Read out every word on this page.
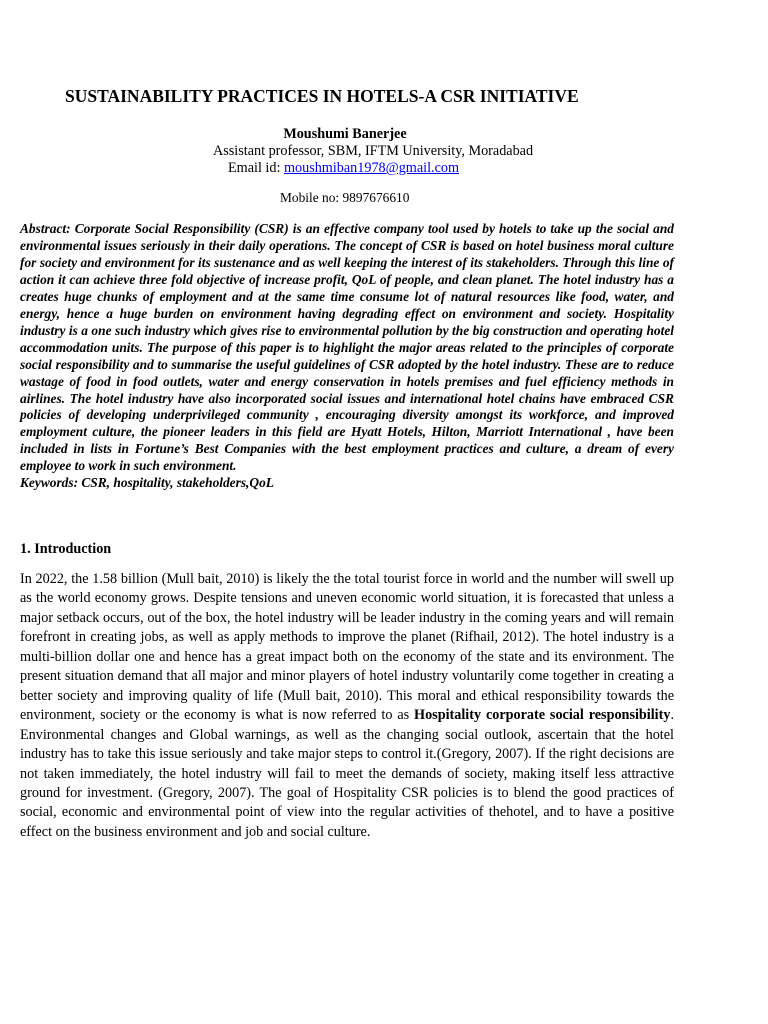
SUSTAINABILITY PRACTICES IN HOTELS-A CSR INITIATIVE
Moushumi Banerjee
Assistant professor, SBM, IFTM University, Moradabad
Email id: moushmiban1978@gmail.com
Mobile no: 9897676610

Abstract: Corporate Social Responsibility (CSR) is an effective company tool used by hotels to take up the social and environmental issues seriously in their daily operations. The concept of CSR is based on hotel business moral culture for society and environment for its sustenance and as well keeping the interest of its stakeholders. Through this line of action it can achieve three fold objective of increase profit, QoL of people, and clean planet. The hotel industry has a creates huge chunks of employment and at the same time consume lot of natural resources like food, water, and energy, hence a huge burden on environment having degrading effect on environment and society. Hospitality industry is a one such industry which gives rise to environmental pollution by the big construction and operating hotel accommodation units. The purpose of this paper is to highlight the major areas related to the principles of corporate social responsibility and to summarise the useful guidelines of CSR adopted by the hotel industry. These are to reduce wastage of food in food outlets, water and energy conservation in hotels premises and fuel efficiency methods in airlines. The hotel industry have also incorporated social issues and international hotel chains have embraced CSR policies of developing underprivileged community , encouraging diversity amongst its workforce, and improved employment culture, the pioneer leaders in this field are Hyatt Hotels, Hilton, Marriott International , have been included in lists in Fortune’s Best Companies with the best employment practices and culture, a dream of every employee to work in such environment.

Keywords: CSR, hospitality, stakeholders,QoL

1. Introduction

In 2022, the 1.58 billion (Mull bait, 2010) is likely the the total tourist force in world and the number will swell up as the world economy grows. Despite tensions and uneven economic world situation, it is forecasted that unless a major setback occurs, out of the box, the hotel industry will be leader industry in the coming years and will remain forefront in creating jobs, as well as apply methods to improve the planet (Rifhail, 2012). The hotel industry is a multi-billion dollar one and hence has a great impact both on the economy of the state and its environment. The present situation demand that all major and minor players of hotel industry voluntarily come together in creating a better society and improving quality of life (Mull bait, 2010). This moral and ethical responsibility towards the environment, society or the economy is what is now referred to as Hospitality corporate social responsibility. Environmental changes and Global warnings, as well as the changing social outlook, ascertain that the hotel industry has to take this issue seriously and take major steps to control it.(Gregory, 2007). If the right decisions are not taken immediately, the hotel industry will fail to meet the demands of society, making itself less attractive ground for investment. (Gregory, 2007). The goal of Hospitality CSR policies is to blend the good practices of social, economic and environmental point of view into the regular activities of thehotel, and to have a positive effect on the business environment and job and social culture.
